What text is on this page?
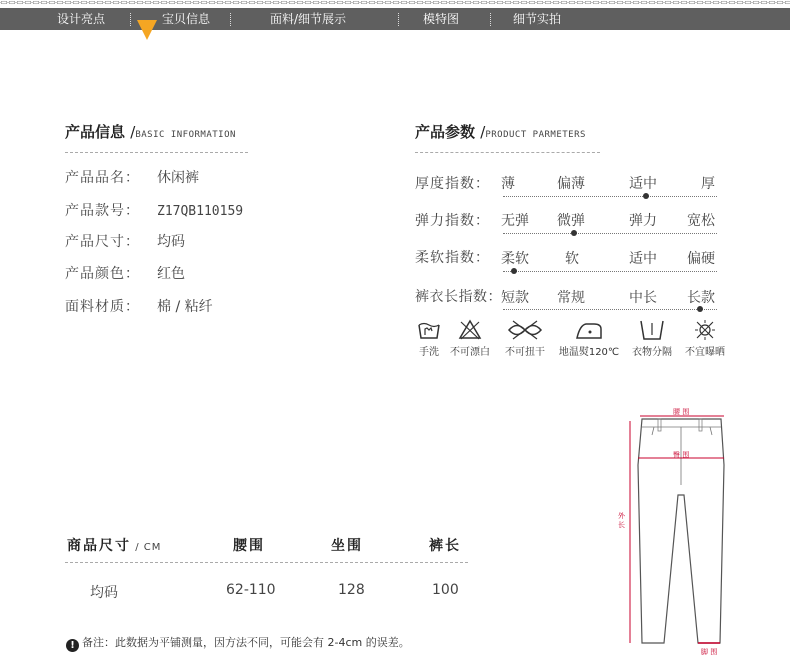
设计亮点	宝贝信息	面料/细节展示	模特图	细节实拍
产品信息 /BASIC INFORMATION
产品品名： 休闲裤
产品款号： Z17QB110159
产品尺寸： 均码
产品颜色： 红色
面料材质： 棉 / 粘纤
产品参数 /PRODUCT PARMETERS
厚度指数： 薄	偏薄	适中	厚
弹力指数： 无弹 微弹	弹力 宽松
柔软指数： 柔软	软	适中 偏硬
裤衣长指数： 短款 常规	中长 长款
手洗	不可漂白	不可扭干	地温熨120℃	衣物分隔	不宜曝晒
商品尺寸 / CM	腰围	坐围	裤长
均码	62-110	128	100
! 备注：此数据为平铺测量，因方法不同，可能会有 2-4cm 的误差。
腰 围
臀 围
外 长
脚 围
